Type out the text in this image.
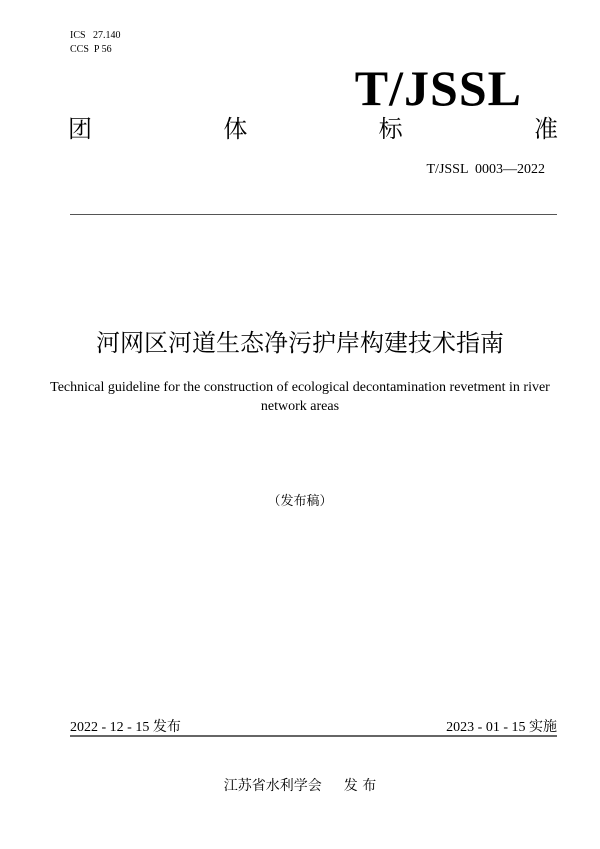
ICS   27.140
CCS  P 56
T/JSSL
团	体	标	准
T/JSSL  0003—2022
河网区河道生态净污护岸构建技术指南
Technical guideline for the construction of ecological decontamination revetment in river network areas
（发布稿）
2022 - 12 - 15 发布	2023 - 01 - 15 实施
江苏省水利学会 发 布
